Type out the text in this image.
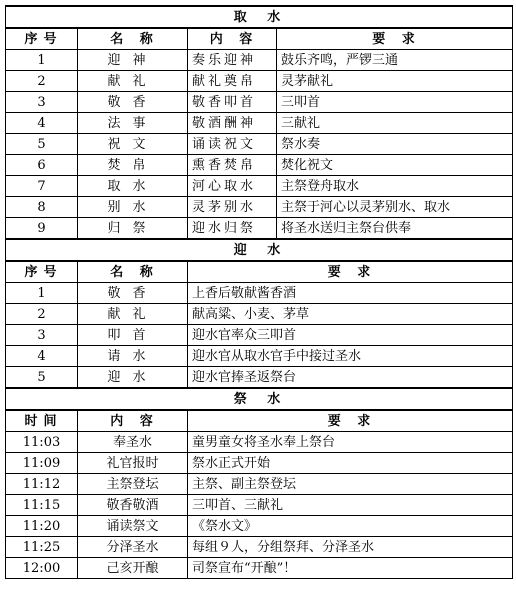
取 水			
序号	名 称	内 容	要 求
1	迎神	奏乐迎神	鼓乐齐鸣，严锣三通
2	献礼	献礼奠帛	灵茅献礼
3	敬香	敬香叩首	三叩首
4	法事	敬酒酬神	三献礼
5	祝文	诵读祝文	祭水奏
6	焚帛	熏香焚帛	焚化祝文
7	取水	河心取水	主祭登舟取水
8	别水	灵茅别水	主祭于河心以灵茅别水、取水
9	归祭	迎水归祭	将圣水送归主祭台供奉
迎 水			
序号	名 称	要 求	
1	敬香	上香后敬献酱香酒	
2	献礼	献高粱、小麦、茅草	
3	叩首	迎水官率众三叩首	
4	请水	迎水官从取水官手中接过圣水	
5	迎水	迎水官捧圣返祭台	
祭 水			
时间	内 容	要 求	
11:03	奉圣水	童男童女将圣水奉上祭台	
11:09	礼官报时	祭水正式开始	
11:12	主祭登坛	主祭、副主祭登坛	
11:15	敬香敬酒	三叩首、三献礼	
11:20	诵读祭文	《祭水文》	
11:25	分泽圣水	每组９人，分组祭拜、分泽圣水	
12:00	己亥开酿	司祭宣布“开酿”！	
